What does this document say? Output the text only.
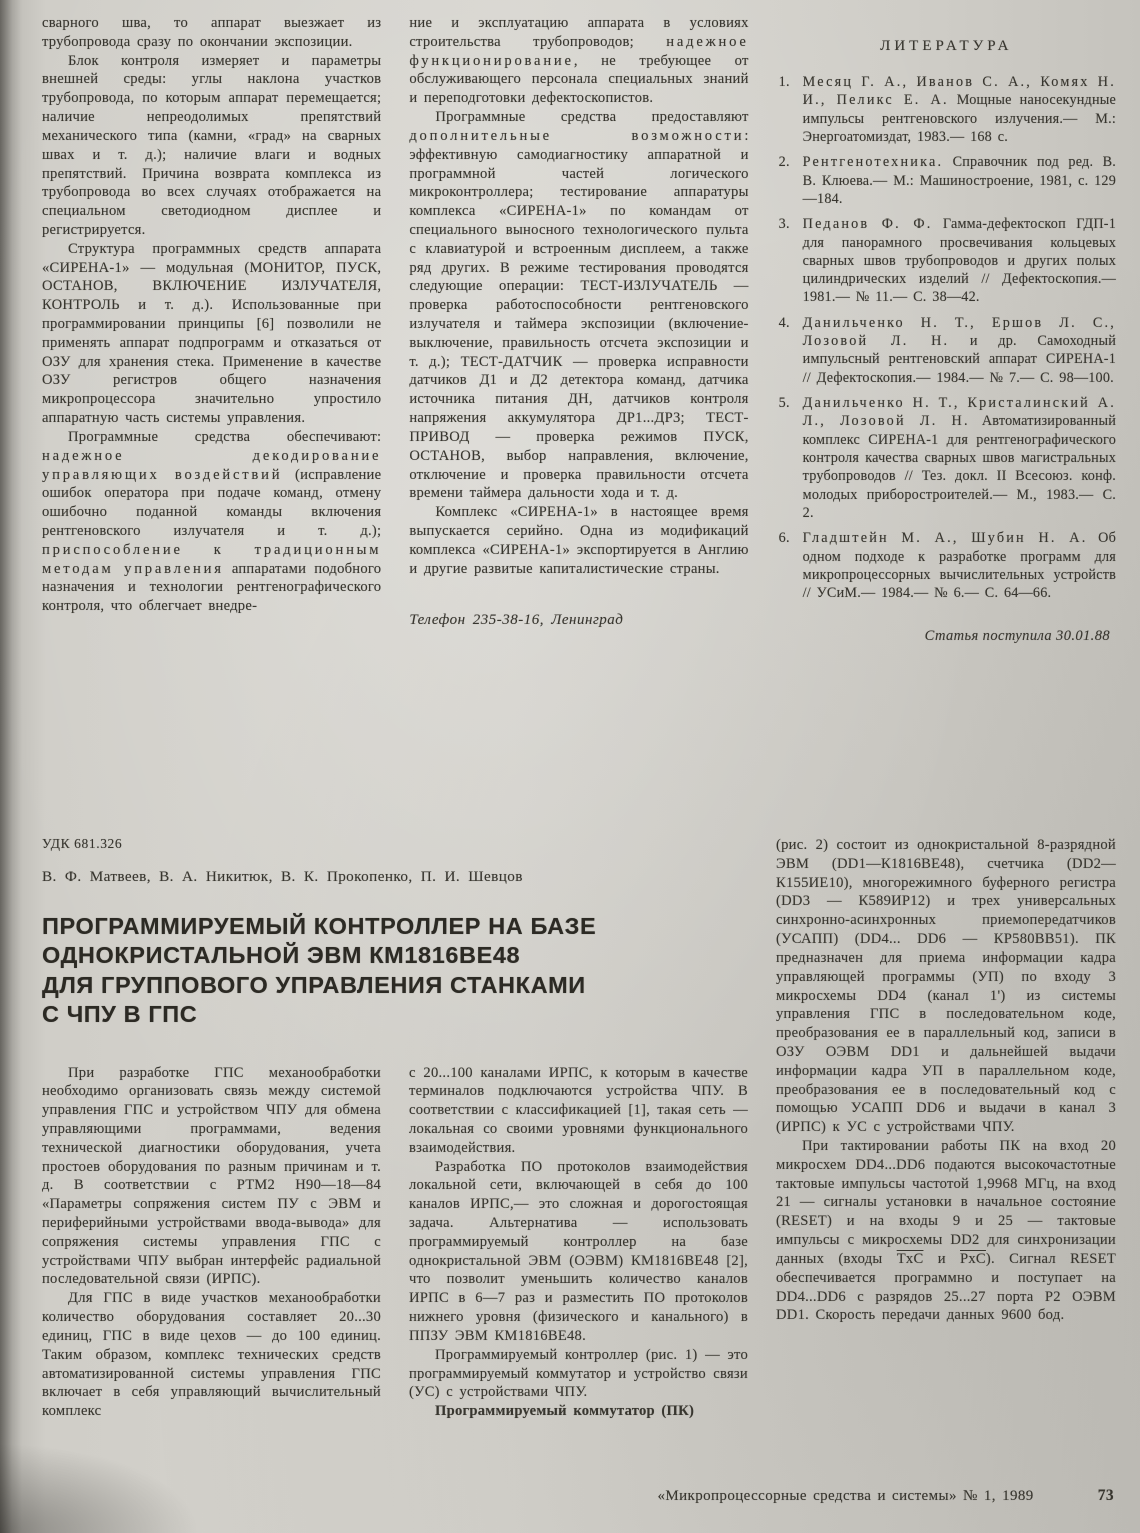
сварного шва, то аппарат выезжает из трубопровода сразу по окончании экспозиции.

Блок контроля измеряет и параметры внешней среды: углы наклона участков трубопровода, по которым аппарат перемещается; наличие непреодолимых препятствий механического типа (камни, «град» на сварных швах и т. д.); наличие влаги и водных препятствий. Причина возврата комплекса из трубопровода во всех случаях отображается на специальном светодиодном дисплее и регистрируется.

Структура программных средств аппарата «СИРЕНА-1» — модульная (МОНИТОР, ПУСК, ОСТАНОВ, ВКЛЮЧЕНИЕ ИЗЛУЧАТЕЛЯ, КОНТРОЛЬ и т. д.). Использованные при программировании принципы [6] позволили не применять аппарат подпрограмм и отказаться от ОЗУ для хранения стека. Применение в качестве ОЗУ регистров общего назначения микропроцессора значительно упростило аппаратную часть системы управления.

Программные средства обеспечивают: надежное декодирование управляющих воздействий (исправление ошибок оператора при подаче команд, отмену ошибочно поданной команды включения рентгеновского излучателя и т. д.); приспособление к традиционным методам управления аппаратами подобного назначения и технологии рентгенографического контроля, что облегчает внедре-

ние и эксплуатацию аппарата в условиях строительства трубопроводов; надежное функционирование, не требующее от обслуживающего персонала специальных знаний и переподготовки дефектоскопистов.

Программные средства предоставляют дополнительные возможности: эффективную самодиагностику аппаратной и программной частей логического микроконтроллера; тестирование аппаратуры комплекса «СИРЕНА-1» по командам от специального выносного технологического пульта с клавиатурой и встроенным дисплеем, а также ряд других. В режиме тестирования проводятся следующие операции: ТЕСТ-ИЗЛУЧАТЕЛЬ — проверка работоспособности рентгеновского излучателя и таймера экспозиции (включение-выключение, правильность отсчета экспозиции и т. д.); ТЕСТ-ДАТЧИК — проверка исправности датчиков Д1 и Д2 детектора команд, датчика источника питания ДН, датчиков контроля напряжения аккумулятора ДР1...ДР3; ТЕСТ-ПРИВОД — проверка режимов ПУСК, ОСТАНОВ, выбор направления, включение, отключение и проверка правильности отсчета времени таймера дальности хода и т. д.

Комплекс «СИРЕНА-1» в настоящее время выпускается серийно. Одна из модификаций комплекса «СИРЕНА-1» экспортируется в Англию и другие развитые капиталистические страны.

Телефон 235-38-16, Ленинград

ЛИТЕРАТУРА

1. Месяц Г. А., Иванов С. А., Комях Н. И., Пеликс Е. А. Мощные наносекундные импульсы рентгеновского излучения.— М.: Энергоатомиздат, 1983.— 168 с.

2. Рентгенотехника. Справочник под ред. В. В. Клюева.— М.: Машиностроение, 1981, с. 129—184.

3. Педанов Ф. Ф. Гамма-дефектоскоп ГДП-1 для панорамного просвечивания кольцевых сварных швов трубопроводов и других полых цилиндрических изделий // Дефектоскопия.— 1981.— № 11.— С. 38—42.

4. Данильченко Н. Т., Ершов Л. С., Лозовой Л. Н. и др. Самоходный импульсный рентгеновский аппарат СИРЕНА-1 // Дефектоскопия.— 1984.— № 7.— С. 98—100.

5. Данильченко Н. Т., Кристалинский А. Л., Лозовой Л. Н. Автоматизированный комплекс СИРЕНА-1 для рентгенографического контроля качества сварных швов магистральных трубопроводов // Тез. докл. II Всесоюз. конф. молодых приборостроителей.— М., 1983.— С. 2.

6. Гладштейн М. А., Шубин Н. А. Об одном подходе к разработке программ для микропроцессорных вычислительных устройств // УСиМ.— 1984.— № 6.— С. 64—66.

Статья поступила 30.01.88

УДК 681.326
В. Ф. Матвеев, В. А. Никитюк, В. К. Прокопенко, П. И. Шевцов
ПРОГРАММИРУЕМЫЙ КОНТРОЛЛЕР НА БАЗЕ
ОДНОКРИСТАЛЬНОЙ ЭВМ КМ1816ВЕ48
ДЛЯ ГРУППОВОГО УПРАВЛЕНИЯ СТАНКАМИ
С ЧПУ В ГПС

При разработке ГПС механообработки необходимо организовать связь между системой управления ГПС и устройством ЧПУ для обмена управляющими программами, ведения технической диагностики оборудования, учета простоев оборудования по разным причинам и т. д. В соответствии с РТМ2 Н90—18—84 «Параметры сопряжения систем ПУ с ЭВМ и периферийными устройствами ввода-вывода» для сопряжения системы управления ГПС с устройствами ЧПУ выбран интерфейс радиальной последовательной связи (ИРПС).

Для ГПС в виде участков механообработки количество оборудования составляет 20...30 единиц, ГПС в виде цехов — до 100 единиц. Таким образом, комплекс технических средств автоматизированной системы управления ГПС включает в себя управляющий вычислительный комплекс

с 20...100 каналами ИРПС, к которым в качестве терминалов подключаются устройства ЧПУ. В соответствии с классификацией [1], такая сеть — локальная со своими уровнями функционального взаимодействия.

Разработка ПО протоколов взаимодействия локальной сети, включающей в себя до 100 каналов ИРПС,— это сложная и дорогостоящая задача. Альтернатива — использовать программируемый контроллер на базе однокристальной ЭВМ (ОЭВМ) КМ1816ВЕ48 [2], что позволит уменьшить количество каналов ИРПС в 6—7 раз и разместить ПО протоколов нижнего уровня (физического и канального) в ППЗУ ЭВМ КМ1816ВЕ48.

Программируемый контроллер (рис. 1) — это программируемый коммутатор и устройство связи (УС) с устройствами ЧПУ.

Программируемый коммутатор (ПК)

(рис. 2) состоит из однокристальной 8-разрядной ЭВМ (DD1—К1816ВЕ48), счетчика (DD2—К155ИЕ10), многорежимного буферного регистра (DD3 — К589ИР12) и трех универсальных синхронно-асинхронных приемопередатчиков (УСАПП) (DD4... DD6 — КР580ВВ51). ПК предназначен для приема информации кадра управляющей программы (УП) по входу 3 микросхемы DD4 (канал 1') из системы управления ГПС в последовательном коде, преобразования ее в параллельный код, записи в ОЗУ ОЭВМ DD1 и дальнейшей выдачи информации кадра УП в параллельном коде, преобразования ее в последовательный код с помощью УСАПП DD6 и выдачи в канал 3 (ИРПС) к УС с устройствами ЧПУ.

При тактировании работы ПК на вход 20 микросхем DD4...DD6 подаются высокочастотные тактовые импульсы частотой 1,9968 МГц, на вход 21 — сигналы установки в начальное состояние (RESET) и на входы 9 и 25 — тактовые импульсы с микросхемы DD2 для синхронизации данных (входы $\overline{TxC}$ и $\overline{PxC}$). Сигнал RESET обеспечивается программно и поступает на DD4...DD6 с разрядов 25...27 порта Р2 ОЭВМ DD1. Скорость передачи данных 9600 бод.

«Микропроцессорные средства и системы» № 1, 1989	73
